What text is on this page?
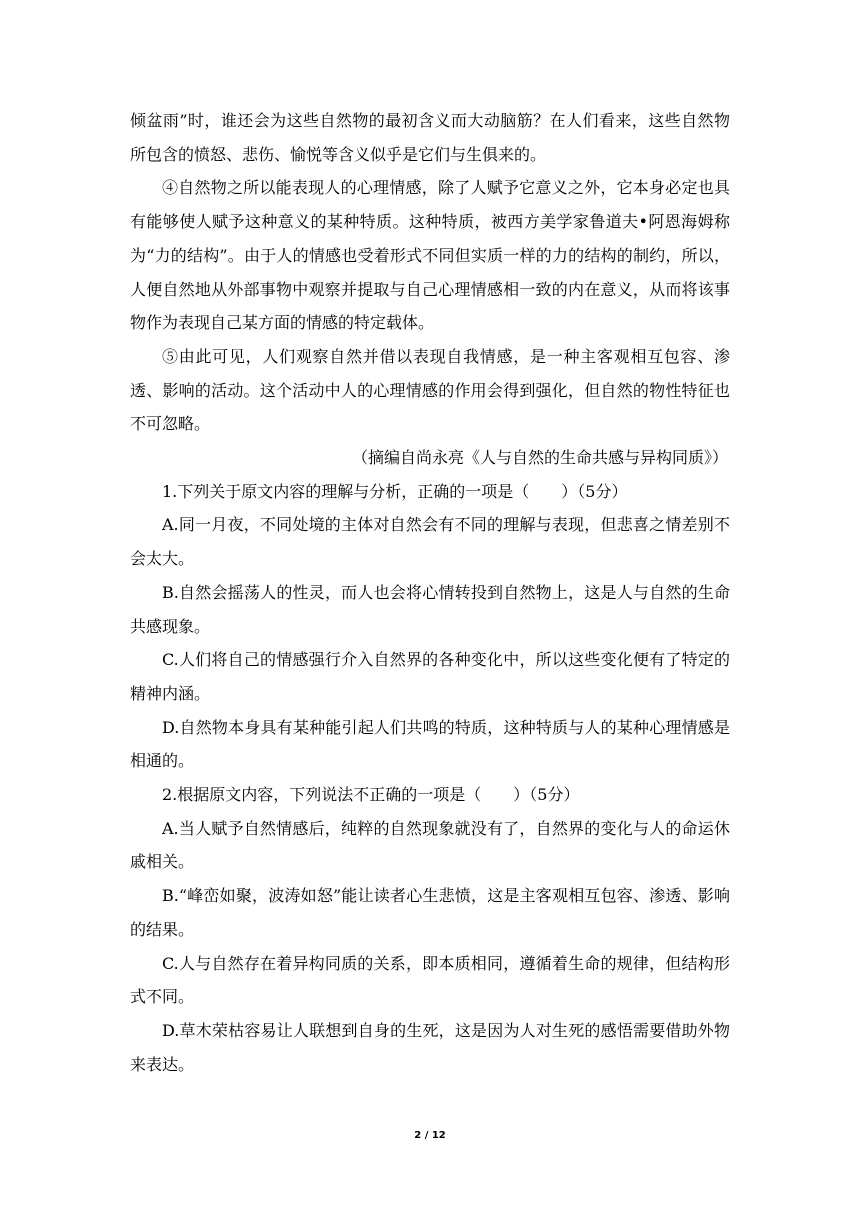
倾盆雨”时，谁还会为这些自然物的最初含义而大动脑筋？在人们看来，这些自然物所包含的愤怒、悲伤、愉悦等含义似乎是它们与生俱来的。

④自然物之所以能表现人的心理情感，除了人赋予它意义之外，它本身必定也具有能够使人赋予这种意义的某种特质。这种特质，被西方美学家鲁道夫•阿恩海姆称为“力的结构”。由于人的情感也受着形式不同但实质一样的力的结构的制约，所以，人便自然地从外部事物中观察并提取与自己心理情感相一致的内在意义，从而将该事物作为表现自己某方面的情感的特定载体。

⑤由此可见，人们观察自然并借以表现自我情感，是一种主客观相互包容、渗透、影响的活动。这个活动中人的心理情感的作用会得到强化，但自然的物性特征也不可忽略。

（摘编自尚永亮《人与自然的生命共感与异构同质》）

1.下列关于原文内容的理解与分析，正确的一项是（　　）（5分）

A.同一月夜，不同处境的主体对自然会有不同的理解与表现，但悲喜之情差别不会太大。

B.自然会摇荡人的性灵，而人也会将心情转投到自然物上，这是人与自然的生命共感现象。

C.人们将自己的情感强行介入自然界的各种变化中，所以这些变化便有了特定的精神内涵。

D.自然物本身具有某种能引起人们共鸣的特质，这种特质与人的某种心理情感是相通的。

2.根据原文内容，下列说法不正确的一项是（　　）（5分）

A.当人赋予自然情感后，纯粹的自然现象就没有了，自然界的变化与人的命运休戚相关。

B.“峰峦如聚，波涛如怒”能让读者心生悲愤，这是主客观相互包容、渗透、影响的结果。

C.人与自然存在着异构同质的关系，即本质相同，遵循着生命的规律，但结构形式不同。

D.草木荣枯容易让人联想到自身的生死，这是因为人对生死的感悟需要借助外物来表达。

2 / 12
